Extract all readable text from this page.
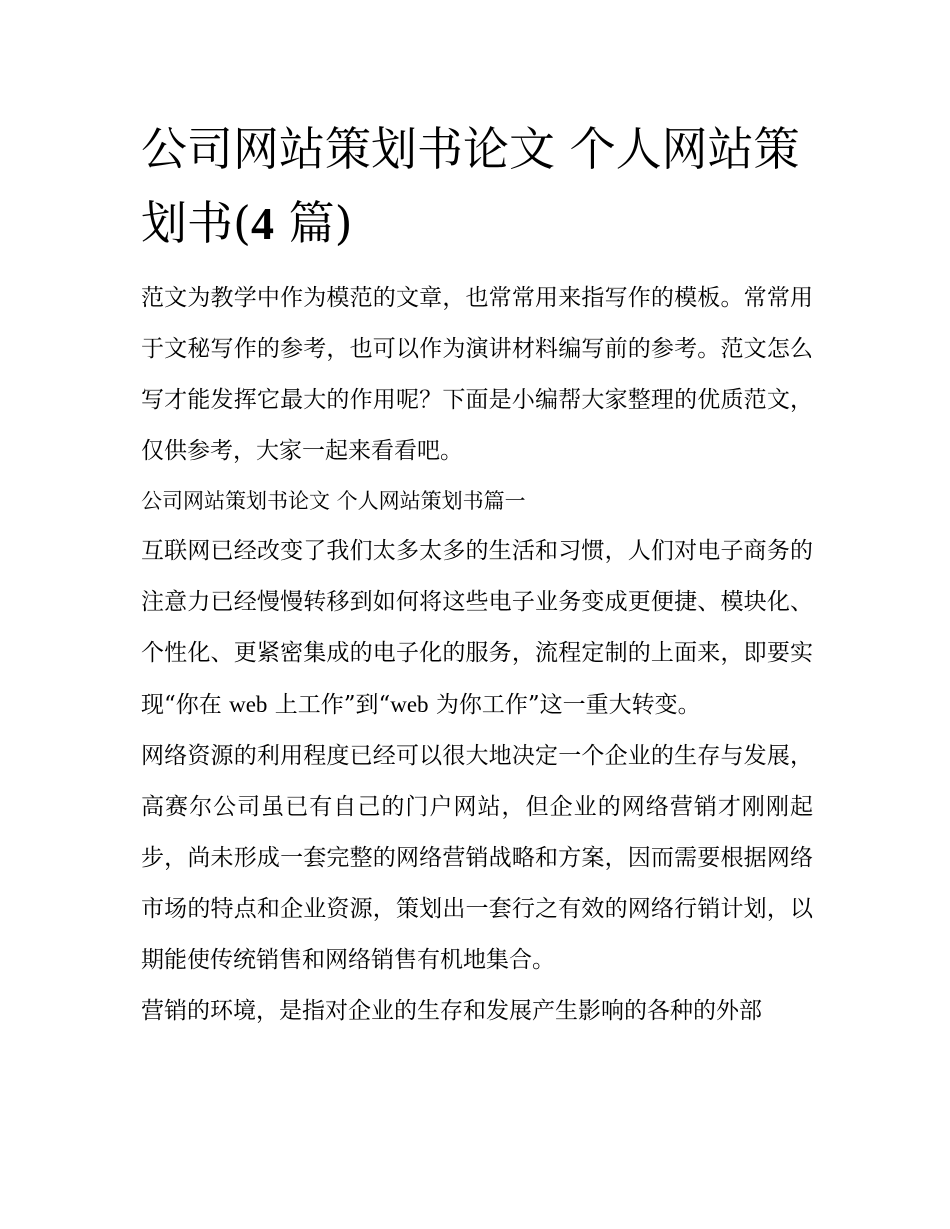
公司网站策划书论文 个人网站策划书(4 篇)

范文为教学中作为模范的文章，也常常用来指写作的模板。常常用于文秘写作的参考，也可以作为演讲材料编写前的参考。范文怎么写才能发挥它最大的作用呢？下面是小编帮大家整理的优质范文，仅供参考，大家一起来看看吧。

公司网站策划书论文 个人网站策划书篇一

互联网已经改变了我们太多太多的生活和习惯，人们对电子商务的注意力已经慢慢转移到如何将这些电子业务变成更便捷、模块化、个性化、更紧密集成的电子化的服务，流程定制的上面来，即要实现“你在 web 上工作”到“web 为你工作”这一重大转变。

网络资源的利用程度已经可以很大地决定一个企业的生存与发展，高赛尔公司虽已有自己的门户网站，但企业的网络营销才刚刚起步，尚未形成一套完整的网络营销战略和方案，因而需要根据网络市场的特点和企业资源，策划出一套行之有效的网络行销计划，以期能使传统销售和网络销售有机地集合。

营销的环境，是指对企业的生存和发展产生影响的各种的外部
